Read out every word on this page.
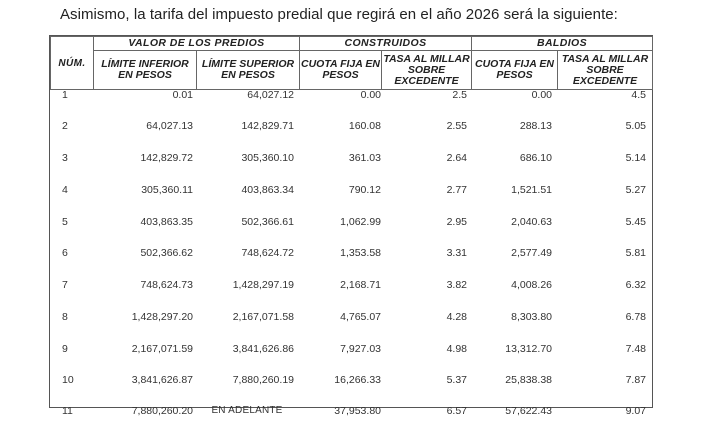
Asimismo, la tarifa del impuesto predial que regirá en el año 2026 será la siguiente:
NÚM.	VALOR DE LOS PREDIOS		CONSTRUIDOS		BALDIOS	
	LÍMITE INFERIOR EN PESOS	LÍMITE SUPERIOR EN PESOS	CUOTA FIJA EN PESOS	TASA AL MILLAR SOBRE EXCEDENTE	CUOTA FIJA EN PESOS	TASA AL MILLAR SOBRE EXCEDENTE
1	0.01	64,027.12	0.00	2.5	0.00	4.5
2	64,027.13	142,829.71	160.08	2.55	288.13	5.05
3	142,829.72	305,360.10	361.03	2.64	686.10	5.14
4	305,360.11	403,863.34	790.12	2.77	1,521.51	5.27
5	403,863.35	502,366.61	1,062.99	2.95	2,040.63	5.45
6	502,366.62	748,624.72	1,353.58	3.31	2,577.49	5.81
7	748,624.73	1,428,297.19	2,168.71	3.82	4,008.26	6.32
8	1,428,297.20	2,167,071.58	4,765.07	4.28	8,303.80	6.78
9	2,167,071.59	3,841,626.86	7,927.03	4.98	13,312.70	7.48
10	3,841,626.87	7,880,260.19	16,266.33	5.37	25,838.38	7.87
11	7,880,260.20	EN ADELANTE	37,953.80	6.57	57,622.43	9.07
